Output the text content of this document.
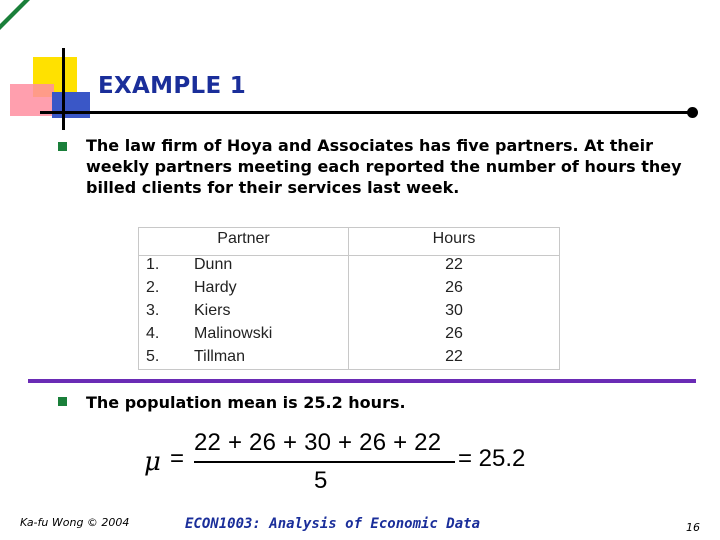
EXAMPLE 1
The law firm of Hoya and Associates has five partners. At their weekly partners meeting each reported the number of hours they billed clients for their services last week.
Partner	Hours
1. Dunn	22
2. Hardy	26
3. Kiers	30
4. Malinowski	26
5. Tillman	22
The population mean is 25.2 hours.
μ =
22 + 26 + 30 + 26 + 22
5
= 25.2
Ka-fu Wong © 2004	ECON1003: Analysis of Economic Data	16
